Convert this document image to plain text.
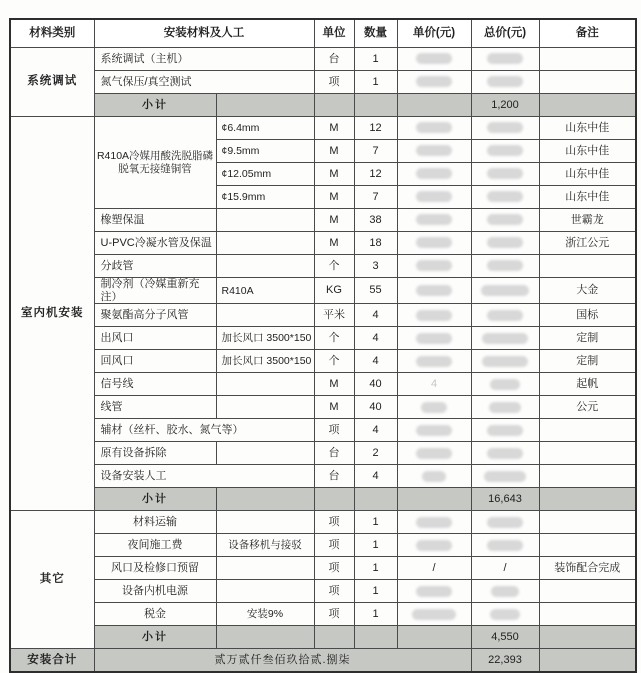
材料类别	安装材料及人工		单位	数量	单价(元)	总价(元)	备注
系统调试	系统调试（主机）		台	1			
	氮气保压/真空测试		项	1			
	小计					1,200	
室内机安装	R410A冷媒用酸洗脱脂磷脱氧无接缝铜管	¢6.4mm	M	12			山东中佳
		¢9.5mm	M	7			山东中佳
		¢12.05mm	M	12			山东中佳
		¢15.9mm	M	7			山东中佳
	橡塑保温		M	38			世霸龙
	U-PVC冷凝水管及保温		M	18			浙江公元
	分歧管		个	3			
	制冷剂（冷媒重新充注）	R410A	KG	55			大金
	聚氨酯高分子风管		平米	4			国标
	出风口	加长风口 3500*150	个	4			定制
	回风口	加长风口 3500*150	个	4			定制
	信号线		M	40	4		起帆
	线管		M	40			公元
	辅材（丝杆、胶水、氮气等）		项	4			
	原有设备拆除		台	2			
	设备安装人工		台	4			
	小计					16,643	
其它	材料运输		项	1			
	夜间施工费	设备移机与接驳	项	1			
	风口及检修口预留		项	1	/	/	装饰配合完成
	设备内机电源		项	1			
	税金	安装9%	项	1			
	小计					4,550	
安装合计	贰万贰仟叁佰玖拾贰.捌柒					22,393	
